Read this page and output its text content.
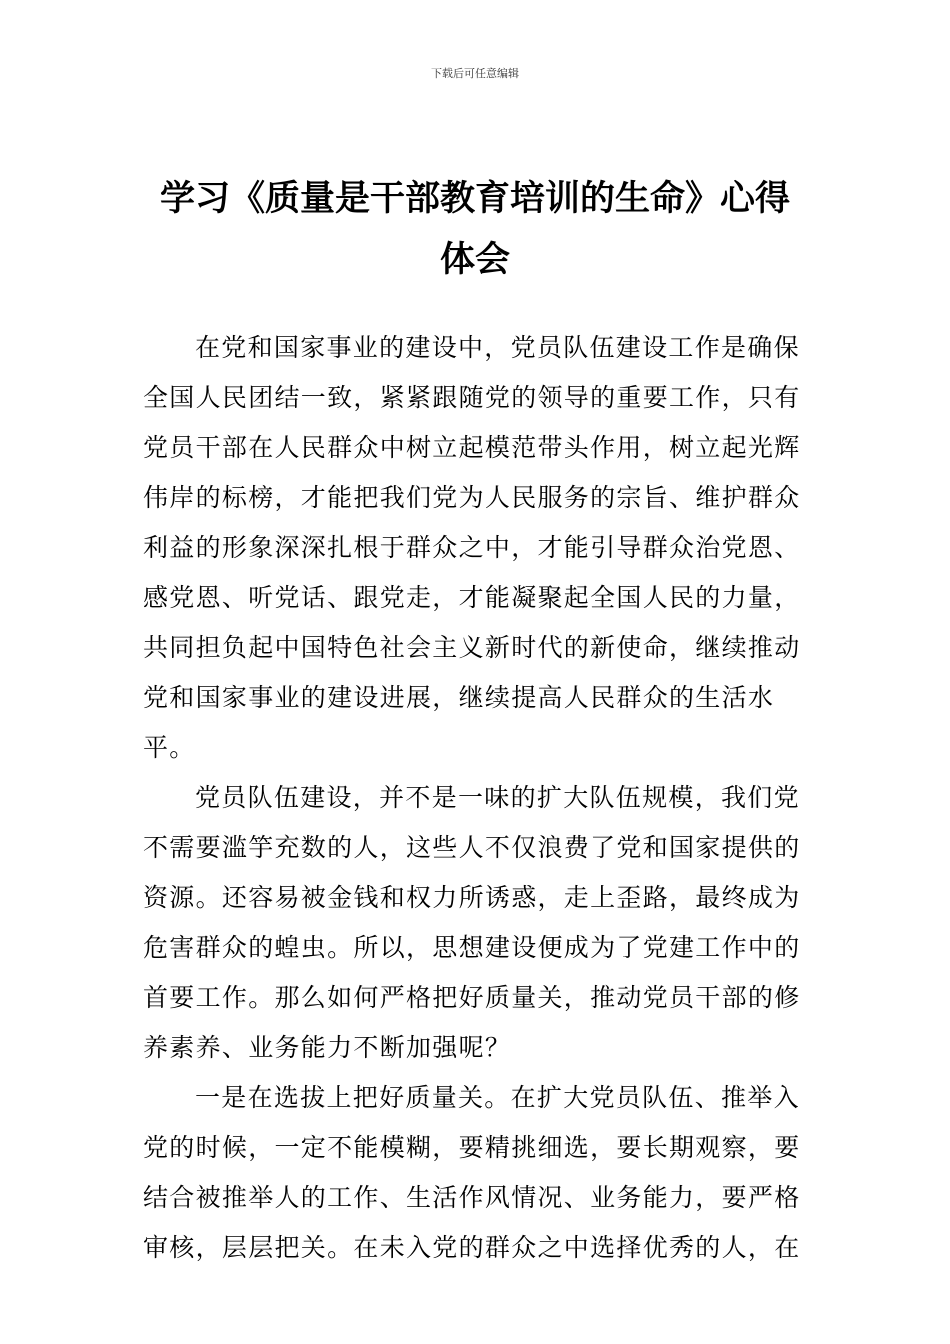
下载后可任意编辑
学习《质量是干部教育培训的生命》心得
体会

在党和国家事业的建设中，党员队伍建设工作是确保全国人民团结一致，紧紧跟随党的领导的重要工作，只有党员干部在人民群众中树立起模范带头作用，树立起光辉伟岸的标榜，才能把我们党为人民服务的宗旨、维护群众利益的形象深深扎根于群众之中，才能引导群众治党恩、感党恩、听党话、跟党走，才能凝聚起全国人民的力量，共同担负起中国特色社会主义新时代的新使命，继续推动党和国家事业的建设进展，继续提高人民群众的生活水平。

党员队伍建设，并不是一味的扩大队伍规模，我们党不需要滥竽充数的人，这些人不仅浪费了党和国家提供的资源。还容易被金钱和权力所诱惑，走上歪路，最终成为危害群众的蝗虫。所以，思想建设便成为了党建工作中的首要工作。那么如何严格把好质量关，推动党员干部的修养素养、业务能力不断加强呢？

一是在选拔上把好质量关。在扩大党员队伍、推举入党的时候，一定不能模糊，要精挑细选，要长期观察，要结合被推举人的工作、生活作风情况、业务能力，要严格审核，层层把关。在未入党的群众之中选择优秀的人，在
